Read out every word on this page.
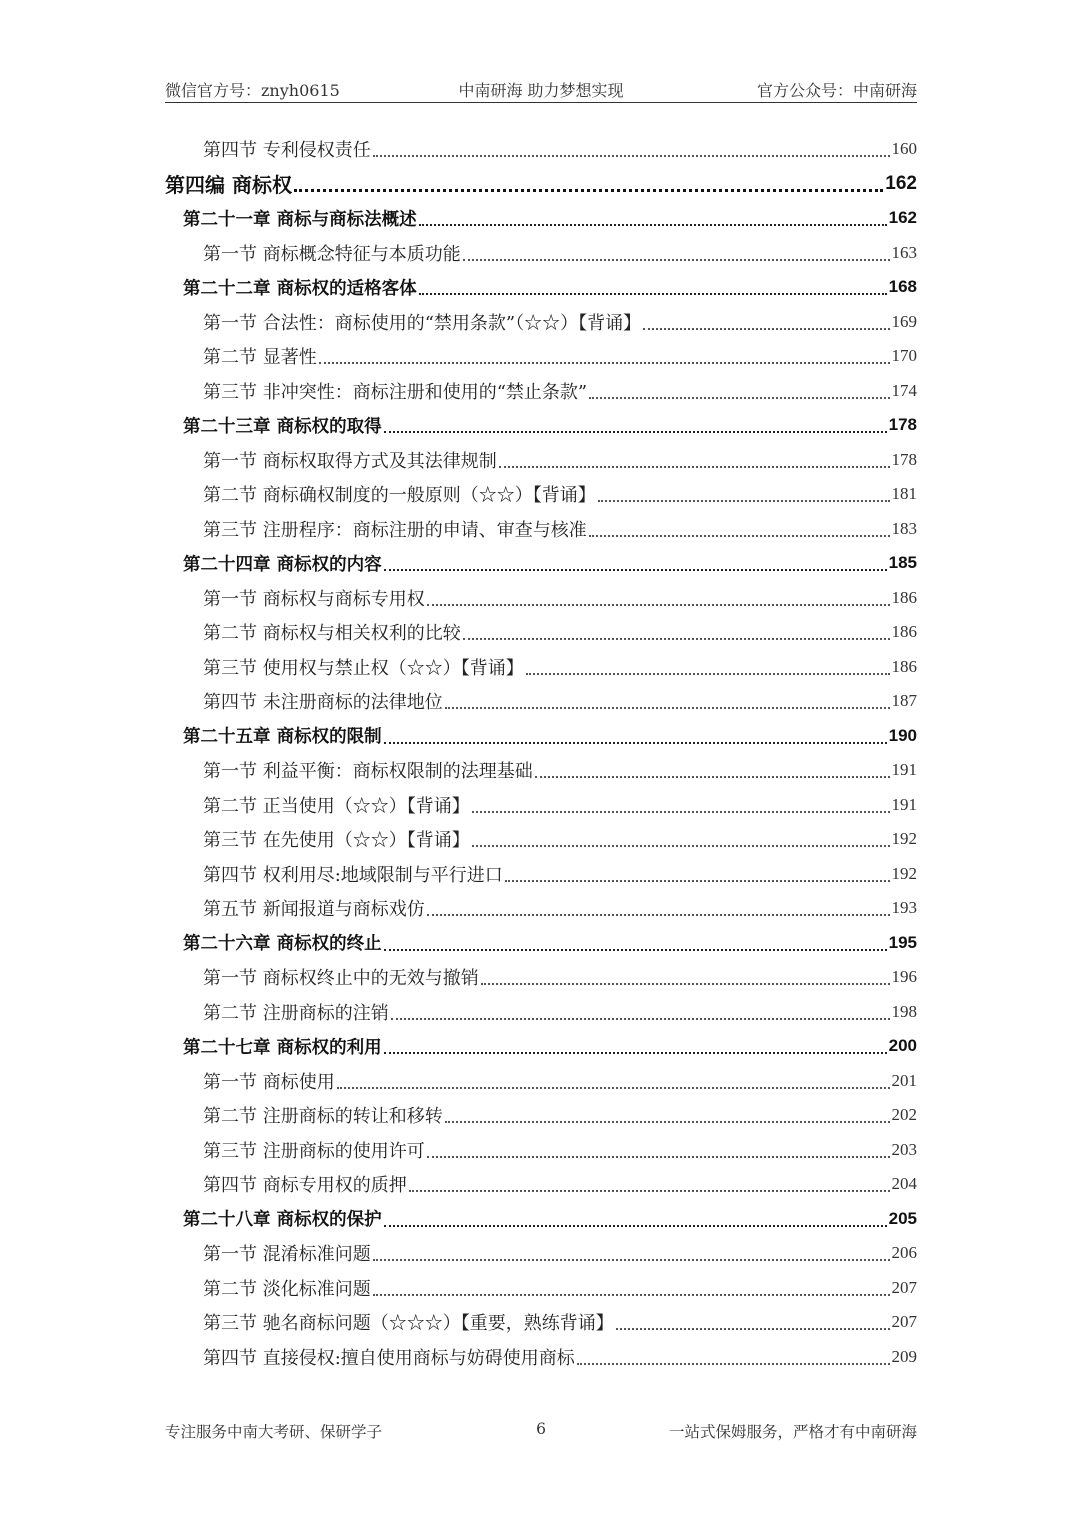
微信官方号：znyh0615	中南研海 助力梦想实现	官方公众号：中南研海
第四节 专利侵权责任	160
第四编 商标权	162
第二十一章 商标与商标法概述	162
第一节 商标概念特征与本质功能	163
第二十二章 商标权的适格客体	168
第一节 合法性：商标使用的“禁用条款”（☆☆）【背诵】	169
第二节 显著性	170
第三节 非冲突性：商标注册和使用的“禁止条款”	174
第二十三章 商标权的取得	178
第一节 商标权取得方式及其法律规制	178
第二节 商标确权制度的一般原则（☆☆）【背诵】	181
第三节 注册程序：商标注册的申请、审查与核准	183
第二十四章 商标权的内容	185
第一节 商标权与商标专用权	186
第二节 商标权与相关权利的比较	186
第三节 使用权与禁止权（☆☆）【背诵】	186
第四节 未注册商标的法律地位	187
第二十五章 商标权的限制	190
第一节 利益平衡：商标权限制的法理基础	191
第二节 正当使用（☆☆）【背诵】	191
第三节 在先使用（☆☆）【背诵】	192
第四节 权利用尽:地域限制与平行进口	192
第五节 新闻报道与商标戏仿	193
第二十六章 商标权的终止	195
第一节 商标权终止中的无效与撤销	196
第二节 注册商标的注销	198
第二十七章 商标权的利用	200
第一节 商标使用	201
第二节 注册商标的转让和移转	202
第三节 注册商标的使用许可	203
第四节 商标专用权的质押	204
第二十八章 商标权的保护	205
第一节 混淆标准问题	206
第二节 淡化标准问题	207
第三节 驰名商标问题（☆☆☆）【重要，熟练背诵】	207
第四节 直接侵权:擅自使用商标与妨碍使用商标	209
专注服务中南大考研、保研学子	6	一站式保姆服务，严格才有中南研海
